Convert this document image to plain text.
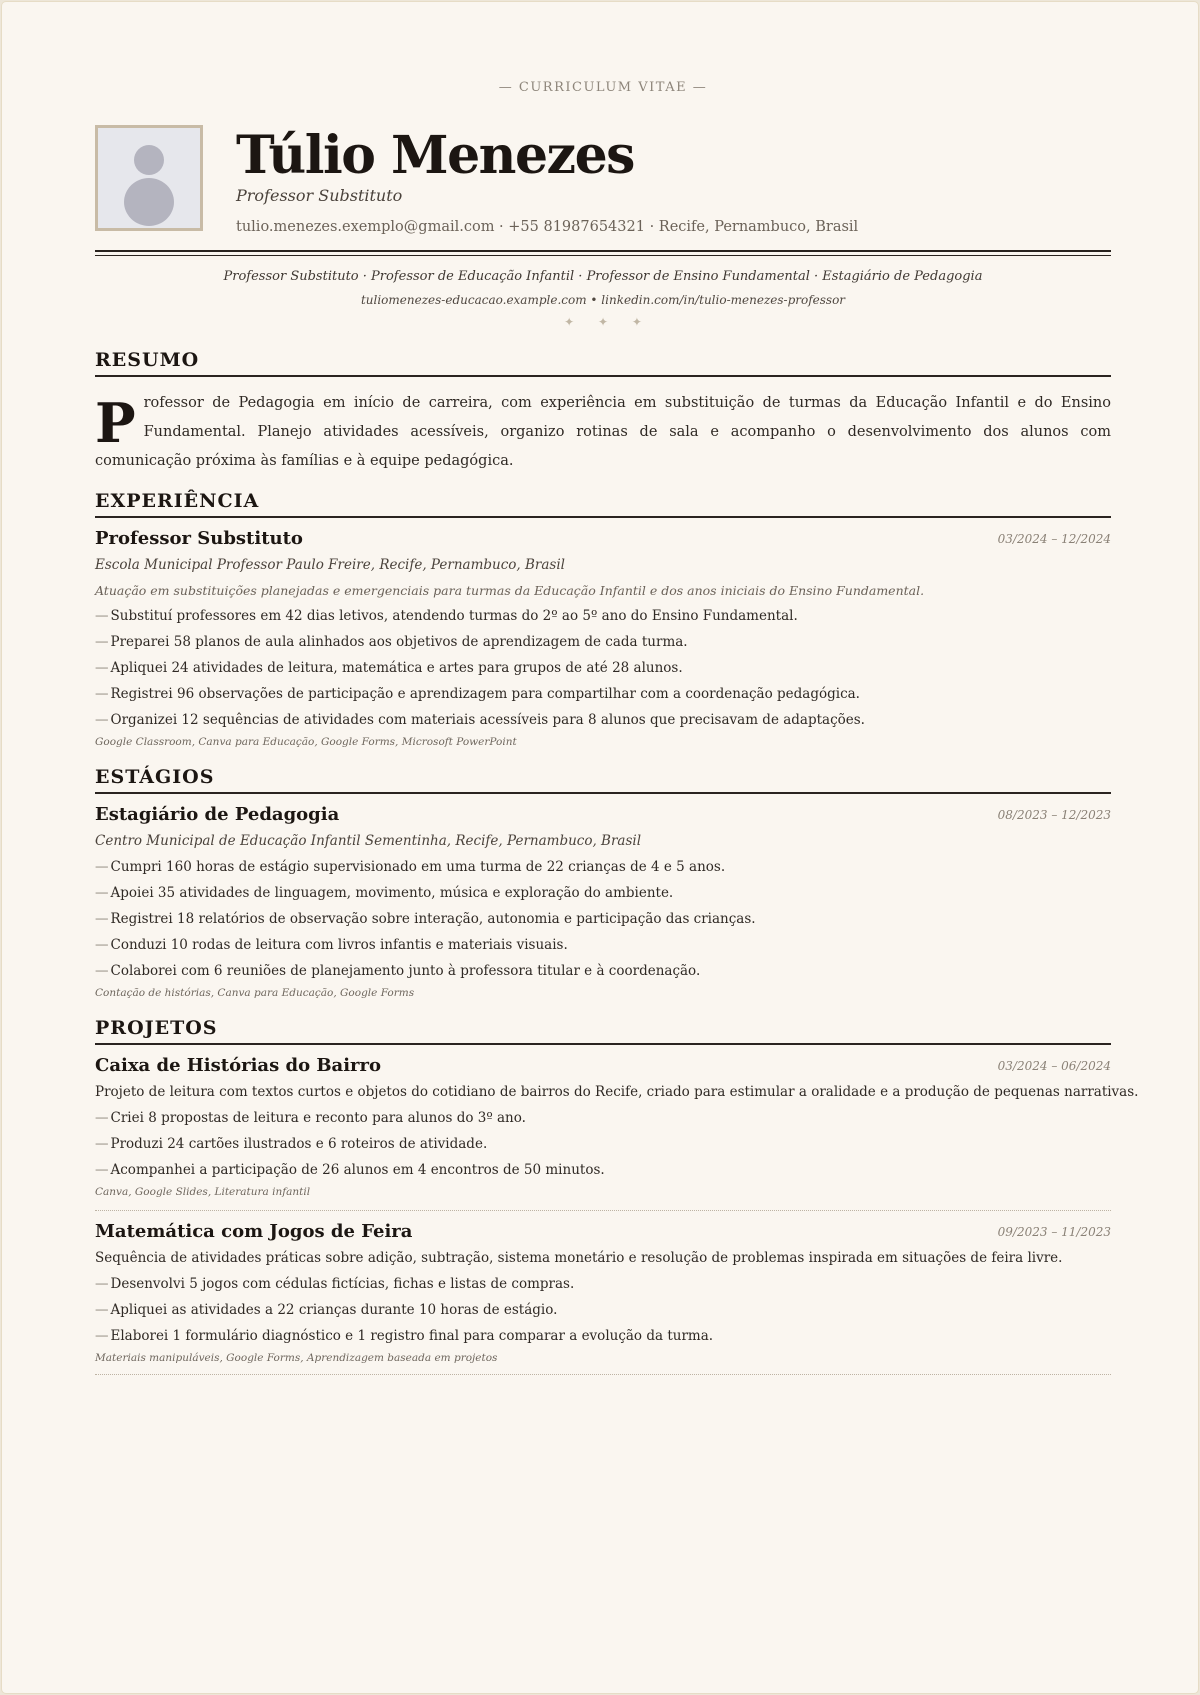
— CURRICULUM VITAE —
Túlio Menezes
Professor Substituto
tulio.menezes.exemplo@gmail.com · +55 81987654321 · Recife, Pernambuco, Brasil
Professor Substituto · Professor de Educação Infantil · Professor de Ensino Fundamental · Estagiário de Pedagogia
tuliomenezes-educacao.example.com • linkedin.com/in/tulio-menezes-professor
✦ ✦ ✦
RESUMO
P rofessor de Pedagogia em início de carreira, com experiência em substituição de turmas da Educação Infantil e do Ensino Fundamental. Planejo atividades acessíveis, organizo rotinas de sala e acompanho o desenvolvimento dos alunos com comunicação próxima às famílias e à equipe pedagógica.
EXPERIÊNCIA
Professor Substituto	03/2024 – 12/2024
Escola Municipal Professor Paulo Freire, Recife, Pernambuco, Brasil
Atuação em substituições planejadas e emergenciais para turmas da Educação Infantil e dos anos iniciais do Ensino Fundamental.
— Substituí professores em 42 dias letivos, atendendo turmas do 2º ao 5º ano do Ensino Fundamental.
— Preparei 58 planos de aula alinhados aos objetivos de aprendizagem de cada turma.
— Apliquei 24 atividades de leitura, matemática e artes para grupos de até 28 alunos.
— Registrei 96 observações de participação e aprendizagem para compartilhar com a coordenação pedagógica.
— Organizei 12 sequências de atividades com materiais acessíveis para 8 alunos que precisavam de adaptações.
Google Classroom, Canva para Educação, Google Forms, Microsoft PowerPoint
ESTÁGIOS
Estagiário de Pedagogia	08/2023 – 12/2023
Centro Municipal de Educação Infantil Sementinha, Recife, Pernambuco, Brasil
— Cumpri 160 horas de estágio supervisionado em uma turma de 22 crianças de 4 e 5 anos.
— Apoiei 35 atividades de linguagem, movimento, música e exploração do ambiente.
— Registrei 18 relatórios de observação sobre interação, autonomia e participação das crianças.
— Conduzi 10 rodas de leitura com livros infantis e materiais visuais.
— Colaborei com 6 reuniões de planejamento junto à professora titular e à coordenação.
Contação de histórias, Canva para Educação, Google Forms
PROJETOS
Caixa de Histórias do Bairro	03/2024 – 06/2024
Projeto de leitura com textos curtos e objetos do cotidiano de bairros do Recife, criado para estimular a oralidade e a produção de pequenas narrativas.
— Criei 8 propostas de leitura e reconto para alunos do 3º ano.
— Produzi 24 cartões ilustrados e 6 roteiros de atividade.
— Acompanhei a participação de 26 alunos em 4 encontros de 50 minutos.
Canva, Google Slides, Literatura infantil
Matemática com Jogos de Feira	09/2023 – 11/2023
Sequência de atividades práticas sobre adição, subtração, sistema monetário e resolução de problemas inspirada em situações de feira livre.
— Desenvolvi 5 jogos com cédulas fictícias, fichas e listas de compras.
— Apliquei as atividades a 22 crianças durante 10 horas de estágio.
— Elaborei 1 formulário diagnóstico e 1 registro final para comparar a evolução da turma.
Materiais manipuláveis, Google Forms, Aprendizagem baseada em projetos
